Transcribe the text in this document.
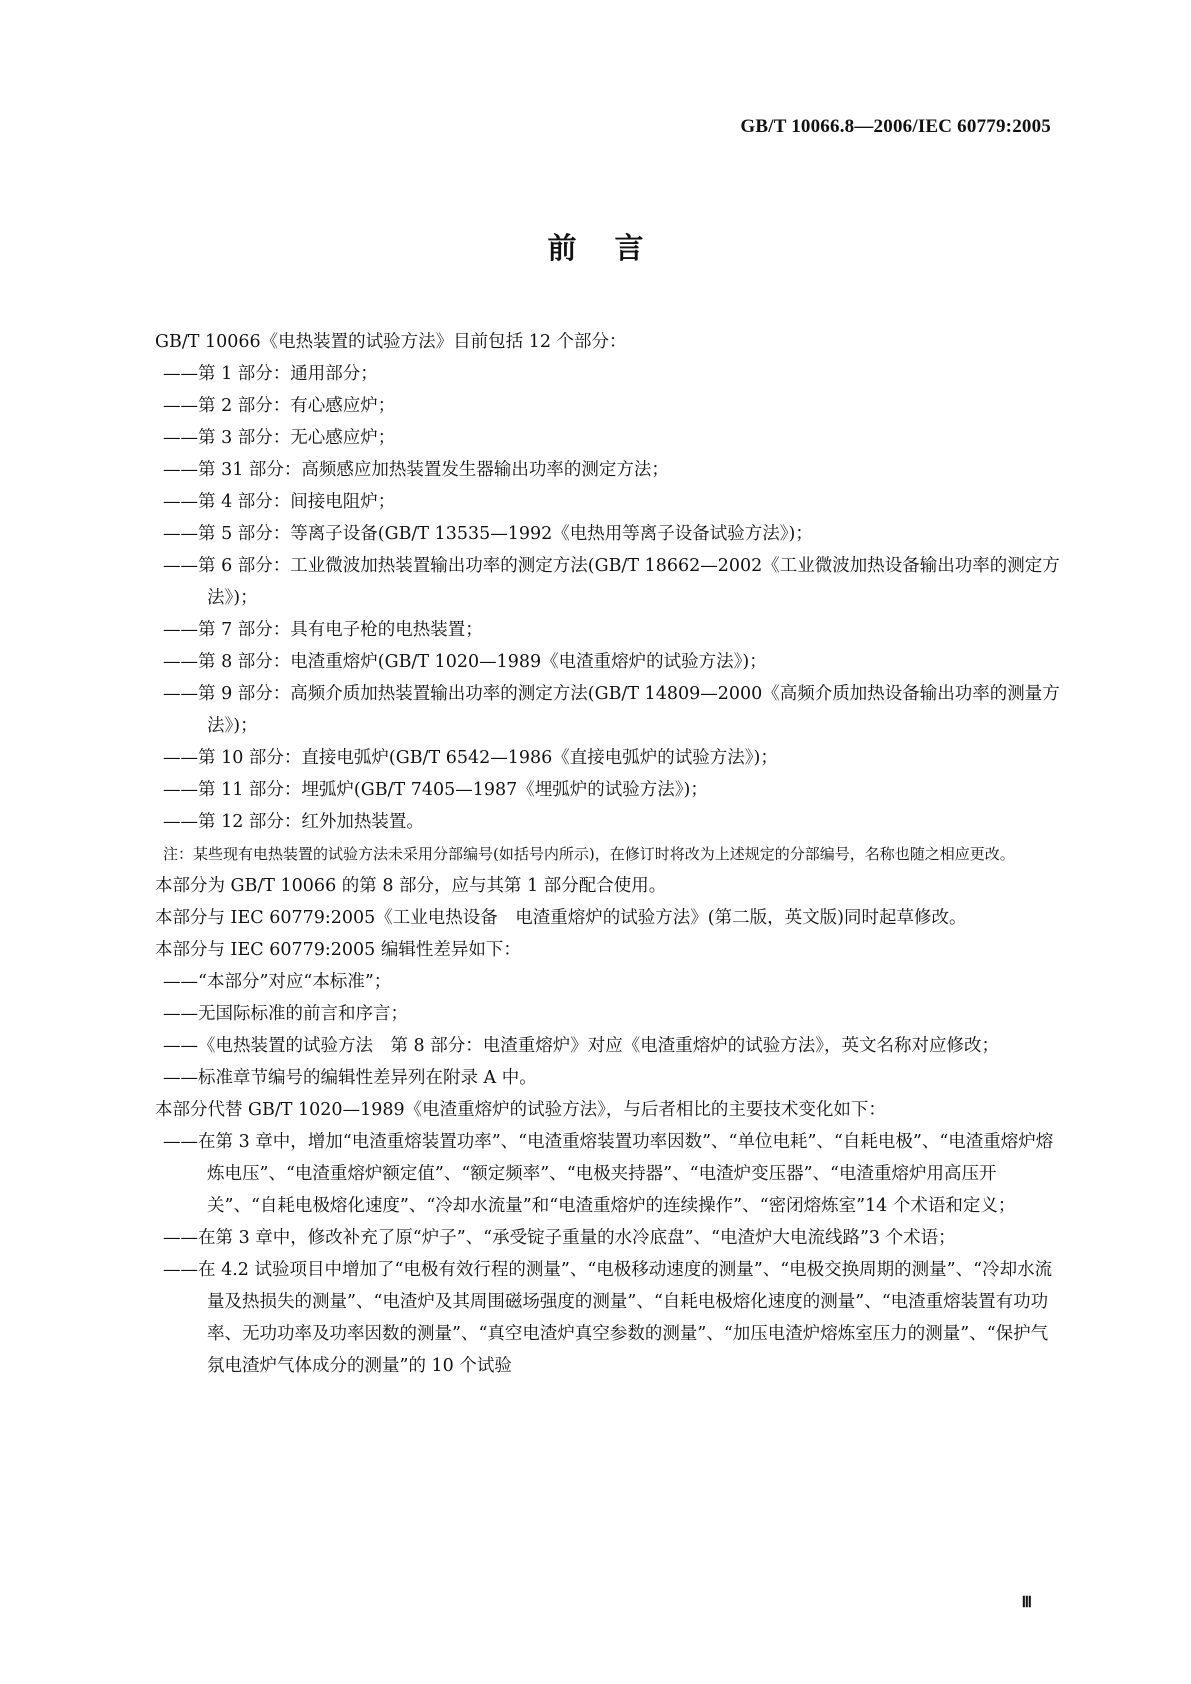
GB/T 10066.8—2006/IEC 60779:2005
前言

GB/T 10066《电热装置的试验方法》目前包括 12 个部分：

——第 1 部分：通用部分；

——第 2 部分：有心感应炉；

——第 3 部分：无心感应炉；

——第 31 部分：高频感应加热装置发生器输出功率的测定方法；

——第 4 部分：间接电阻炉；

——第 5 部分：等离子设备(GB/T 13535—1992《电热用等离子设备试验方法》)；

——第 6 部分：工业微波加热装置输出功率的测定方法(GB/T 18662—2002《工业微波加热设备输出功率的测定方法》)；

——第 7 部分：具有电子枪的电热装置；

——第 8 部分：电渣重熔炉(GB/T 1020—1989《电渣重熔炉的试验方法》)；

——第 9 部分：高频介质加热装置输出功率的测定方法(GB/T 14809—2000《高频介质加热设备输出功率的测量方法》)；

——第 10 部分：直接电弧炉(GB/T 6542—1986《直接电弧炉的试验方法》)；

——第 11 部分：埋弧炉(GB/T 7405—1987《埋弧炉的试验方法》)；

——第 12 部分：红外加热装置。

注：某些现有电热装置的试验方法未采用分部编号(如括号内所示)，在修订时将改为上述规定的分部编号，名称也随之相应更改。

本部分为 GB/T 10066 的第 8 部分，应与其第 1 部分配合使用。

本部分与 IEC 60779:2005《工业电热设备　电渣重熔炉的试验方法》(第二版，英文版)同时起草修改。

本部分与 IEC 60779:2005 编辑性差异如下：

——“本部分”对应“本标准”；

——无国际标准的前言和序言；

——《电热装置的试验方法　第 8 部分：电渣重熔炉》对应《电渣重熔炉的试验方法》，英文名称对应修改；

——标准章节编号的编辑性差异列在附录 A 中。

本部分代替 GB/T 1020—1989《电渣重熔炉的试验方法》，与后者相比的主要技术变化如下：

——在第 3 章中，增加“电渣重熔装置功率”、“电渣重熔装置功率因数”、“单位电耗”、“自耗电极”、“电渣重熔炉熔炼电压”、“电渣重熔炉额定值”、“额定频率”、“电极夹持器”、“电渣炉变压器”、“电渣重熔炉用高压开关”、“自耗电极熔化速度”、“冷却水流量”和“电渣重熔炉的连续操作”、“密闭熔炼室”14 个术语和定义；

——在第 3 章中，修改补充了原“炉子”、“承受锭子重量的水冷底盘”、“电渣炉大电流线路”3 个术语；

——在 4.2 试验项目中增加了“电极有效行程的测量”、“电极移动速度的测量”、“电极交换周期的测量”、“冷却水流量及热损失的测量”、“电渣炉及其周围磁场强度的测量”、“自耗电极熔化速度的测量”、“电渣重熔装置有功功率、无功功率及功率因数的测量”、“真空电渣炉真空参数的测量”、“加压电渣炉熔炼室压力的测量”、“保护气氛电渣炉气体成分的测量”的 10 个试验

Ⅲ
